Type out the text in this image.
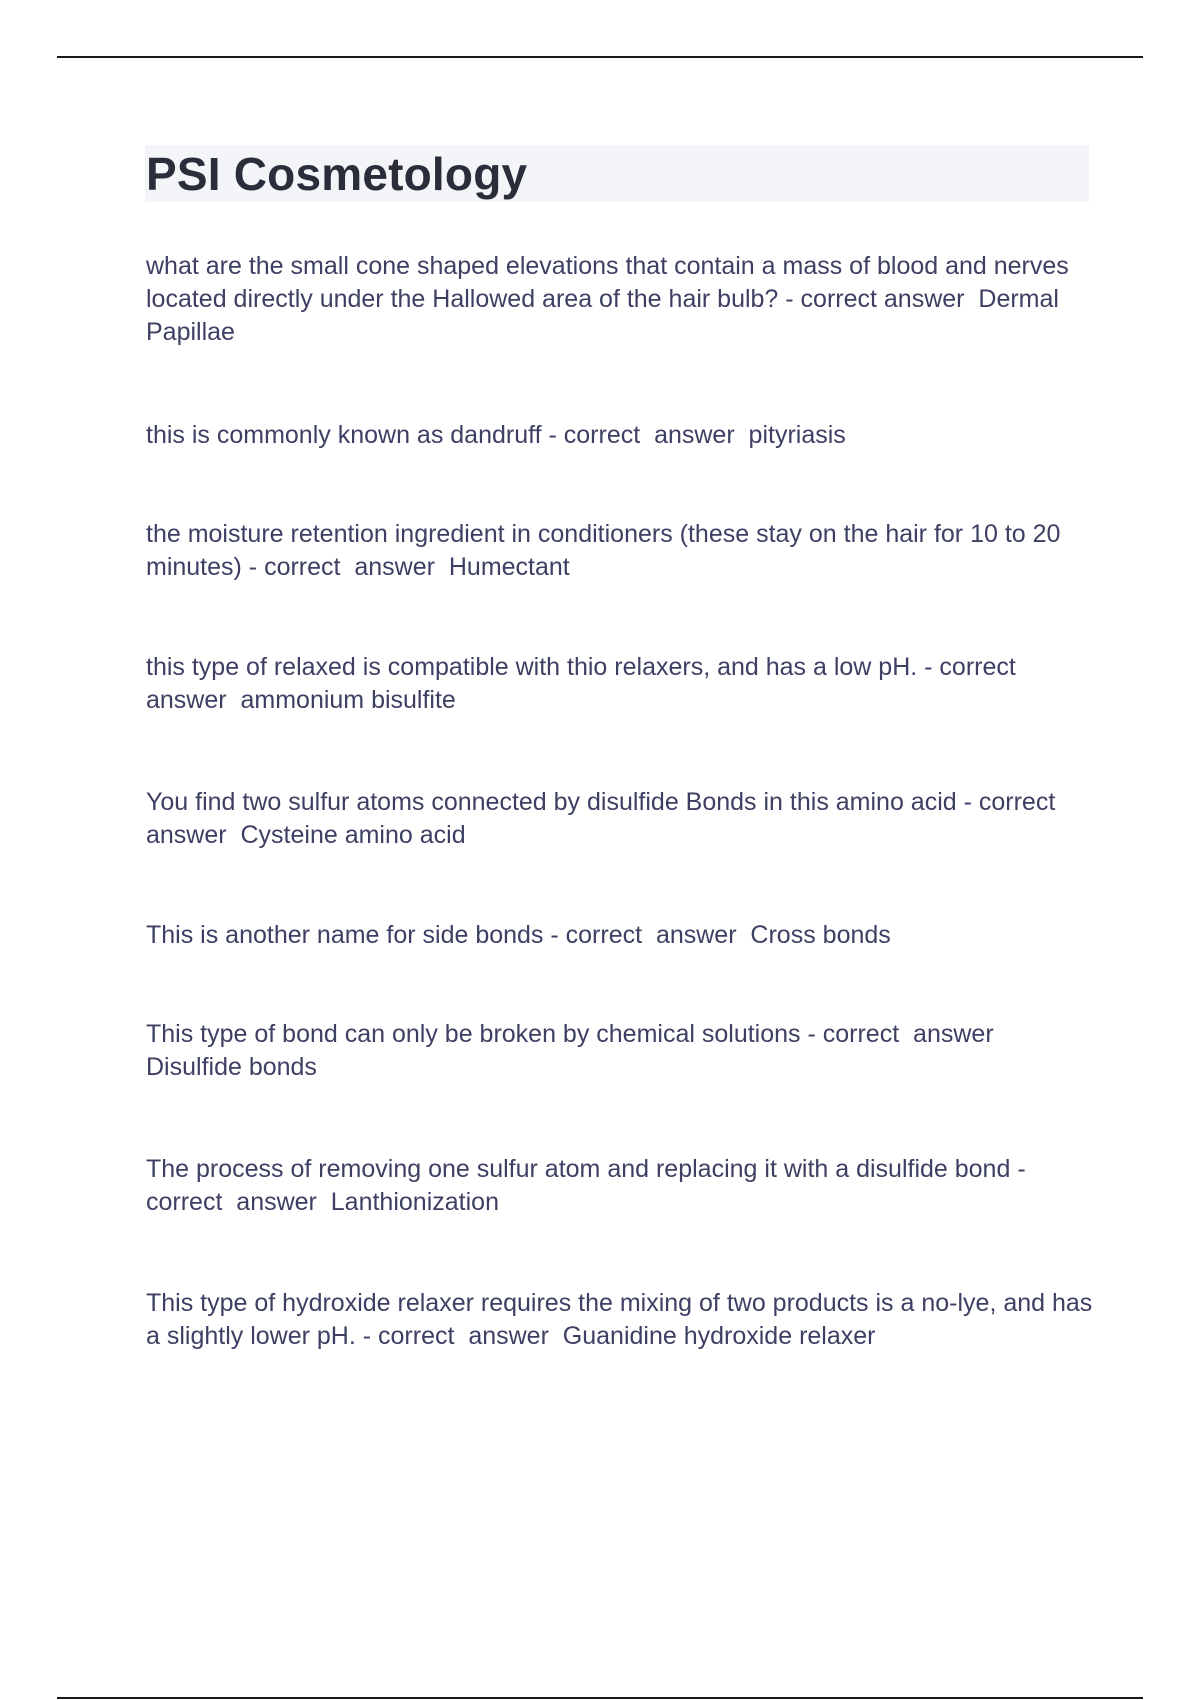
PSI Cosmetology

what are the small cone shaped elevations that contain a mass of blood and nerves located directly under the Hallowed area of the hair bulb? - correct answer  Dermal Papillae

this is commonly known as dandruff - correct  answer  pityriasis

the moisture retention ingredient in conditioners (these stay on the hair for 10 to 20 minutes) - correct  answer  Humectant

this type of relaxed is compatible with thio relaxers, and has a low pH. - correct  answer  ammonium bisulfite

You find two sulfur atoms connected by disulfide Bonds in this amino acid - correct  answer  Cysteine amino acid

This is another name for side bonds - correct  answer  Cross bonds

This type of bond can only be broken by chemical solutions - correct  answer Disulfide bonds

The process of removing one sulfur atom and replacing it with a disulfide bond - correct  answer  Lanthionization

This type of hydroxide relaxer requires the mixing of two products is a no-lye, and has a slightly lower pH. - correct  answer  Guanidine hydroxide relaxer
